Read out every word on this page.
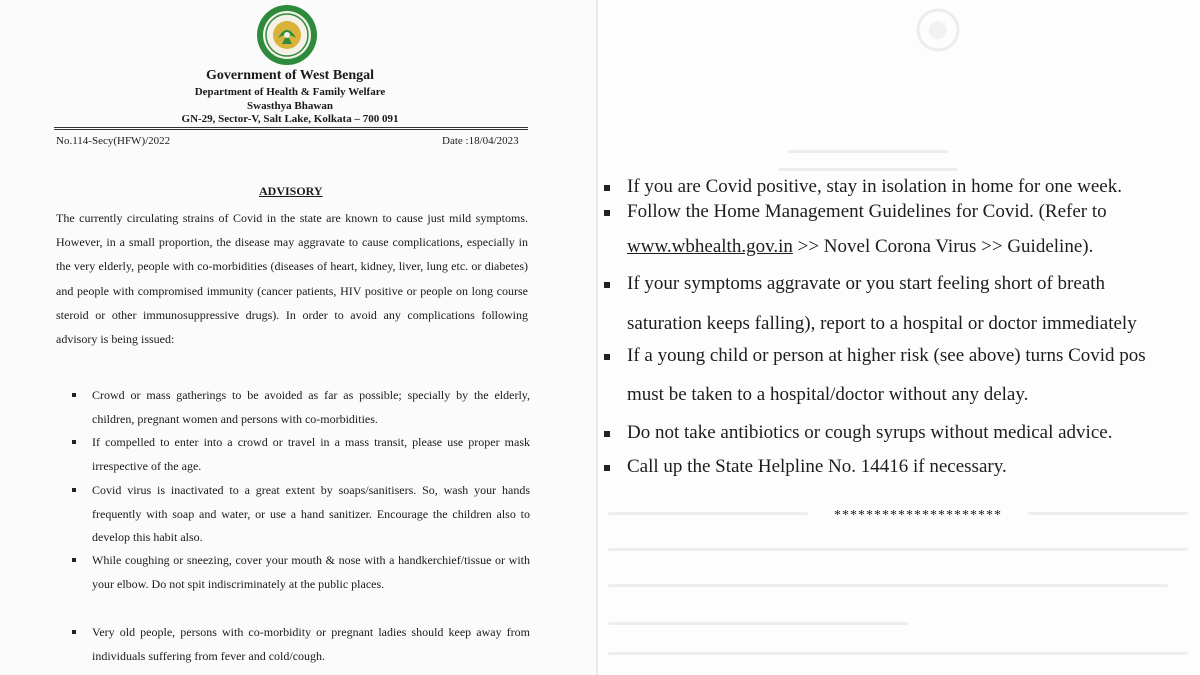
Government of West Bengal
Department of Health & Family Welfare
Swasthya Bhawan
GN-29, Sector-V, Salt Lake, Kolkata – 700 091
No.114-Secy(HFW)/2022	Date :18/04/2023
ADVISORY
The currently circulating strains of Covid in the state are known to cause just mild symptoms. However, in a small proportion, the disease may aggravate to cause complications, especially in the very elderly, people with co-morbidities (diseases of heart, kidney, liver, lung etc. or diabetes) and people with compromised immunity (cancer patients, HIV positive or people on long course steroid or other immunosuppressive drugs). In order to avoid any complications following advisory is being issued:
Crowd or mass gatherings to be avoided as far as possible; specially by the elderly, children, pregnant women and persons with co-morbidities.
If compelled to enter into a crowd or travel in a mass transit, please use proper mask irrespective of the age.
Covid virus is inactivated to a great extent by soaps/sanitisers. So, wash your hands frequently with soap and water, or use a hand sanitizer. Encourage the children also to develop this habit also.
While coughing or sneezing, cover your mouth & nose with a handkerchief/tissue or with your elbow. Do not spit indiscriminately at the public places.
Very old people, persons with co-morbidity or pregnant ladies should keep away from individuals suffering from fever and cold/cough.
If you are Covid positive, stay in isolation in home for one week.
Follow the Home Management Guidelines for Covid. (Refer to
www.wbhealth.gov.in >> Novel Corona Virus >> Guideline).
If your symptoms aggravate or you start feeling short of breath
saturation keeps falling), report to a hospital or doctor immediately
If a young child or person at higher risk (see above) turns Covid pos
must be taken to a hospital/doctor without any delay.
Do not take antibiotics or cough syrups without medical advice.
Call up the State Helpline No. 14416 if necessary.
*********************
